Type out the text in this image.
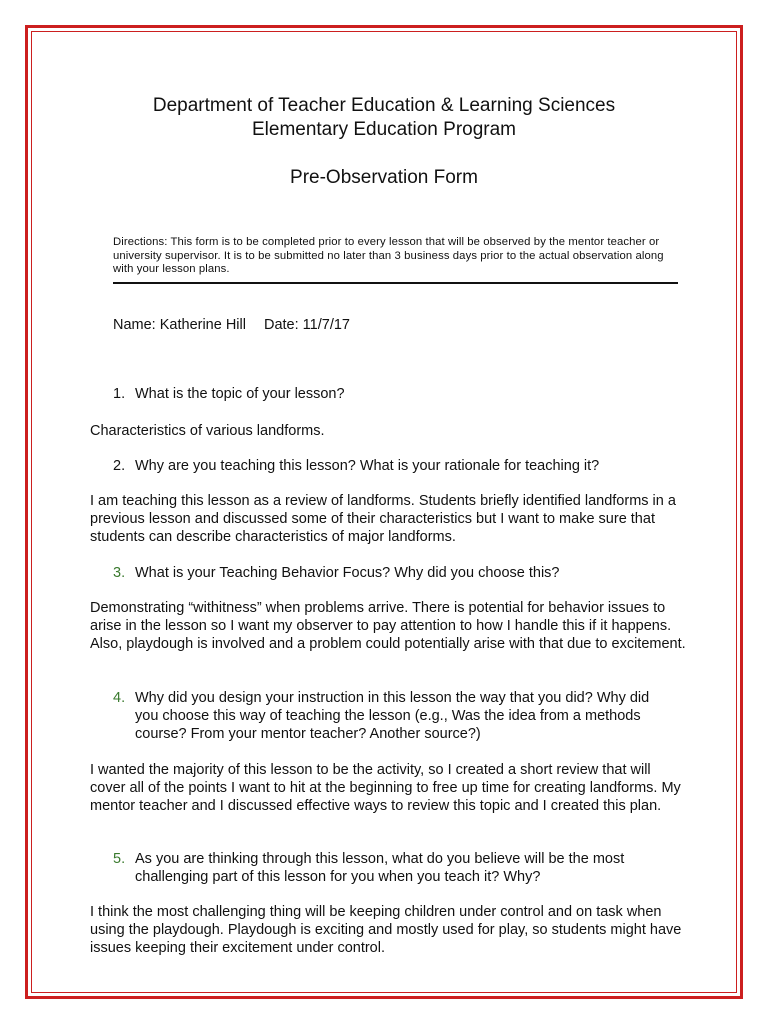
Department of Teacher Education & Learning Sciences
Elementary Education Program
Pre-Observation Form
Directions: This form is to be completed prior to every lesson that will be observed by the mentor teacher or university supervisor. It is to be submitted no later than 3 business days prior to the actual observation along with your lesson plans.
Name: Katherine Hill Date: 11/7/17
1. What is the topic of your lesson?
Characteristics of various landforms.
2. Why are you teaching this lesson? What is your rationale for teaching it?
I am teaching this lesson as a review of landforms. Students briefly identified landforms in a previous lesson and discussed some of their characteristics but I want to make sure that students can describe characteristics of major landforms.
3. What is your Teaching Behavior Focus? Why did you choose this?
Demonstrating “withitness” when problems arrive. There is potential for behavior issues to arise in the lesson so I want my observer to pay attention to how I handle this if it happens. Also, playdough is involved and a problem could potentially arise with that due to excitement.
4. Why did you design your instruction in this lesson the way that you did? Why did you choose this way of teaching the lesson (e.g., Was the idea from a methods course? From your mentor teacher? Another source?)
I wanted the majority of this lesson to be the activity, so I created a short review that will cover all of the points I want to hit at the beginning to free up time for creating landforms. My mentor teacher and I discussed effective ways to review this topic and I created this plan.
5. As you are thinking through this lesson, what do you believe will be the most challenging part of this lesson for you when you teach it? Why?
I think the most challenging thing will be keeping children under control and on task when using the playdough. Playdough is exciting and mostly used for play, so students might have issues keeping their excitement under control.
